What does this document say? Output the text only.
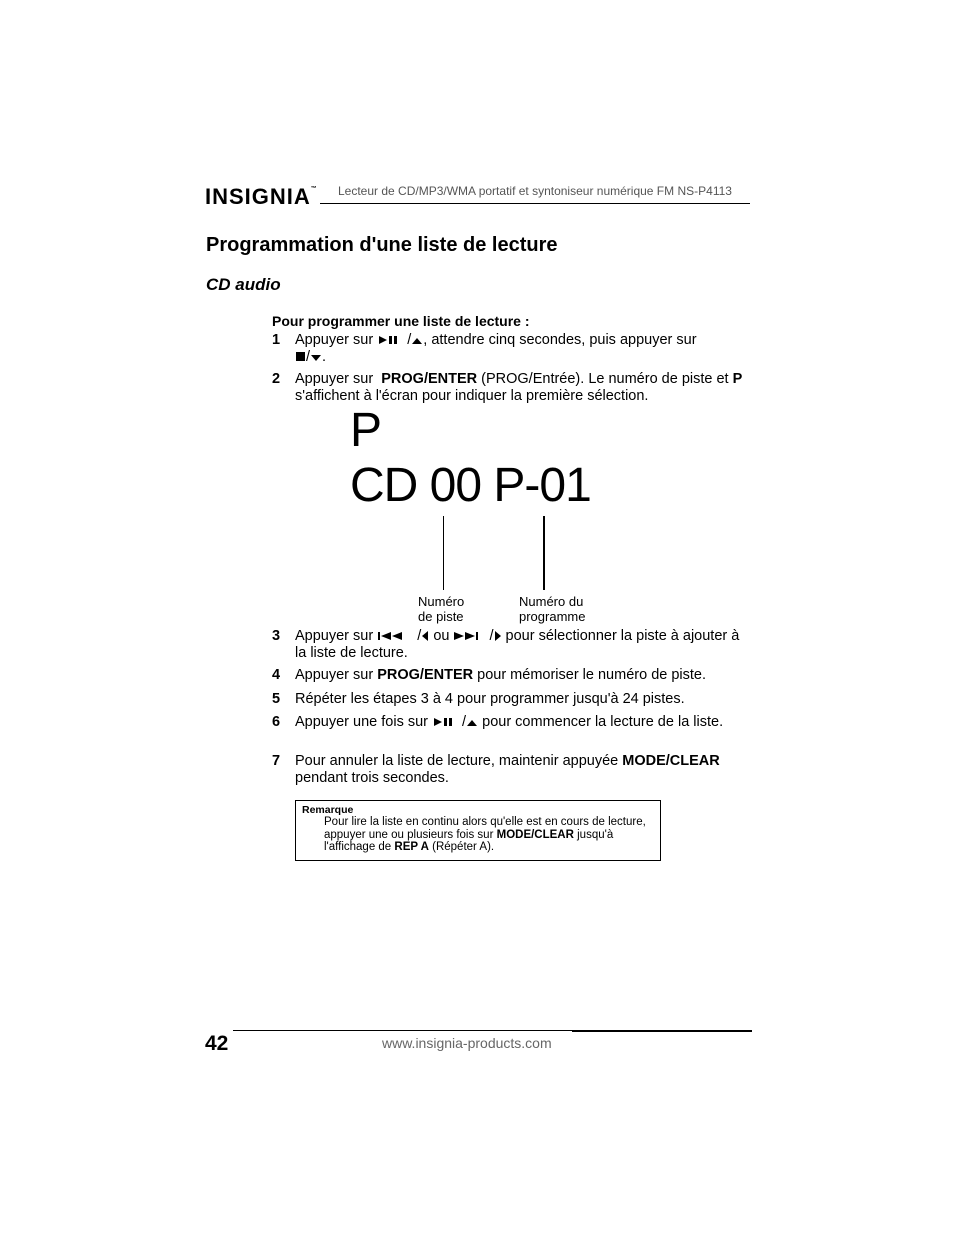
INSIGNIA™ Lecteur de CD/MP3/WMA portatif et syntoniseur numérique FM NS-P4113
Programmation d'une liste de lecture
CD audio
Pour programmer une liste de lecture :
1 Appuyer sur  / , attendre cinq secondes, puis appuyer sur
/ .
2 Appuyer sur PROG/ENTER (PROG/Entrée). Le numéro de piste et P s'affichent à l'écran pour indiquer la première sélection.
P
CD 00 P-01
Numéro
de piste
Numéro du
programme
3 Appuyer sur	/ ou	/ pour sélectionner la piste à ajouter à la liste de lecture.
4 Appuyer sur PROG/ENTER pour mémoriser le numéro de piste.
5 Répéter les étapes 3 à 4 pour programmer jusqu'à 24 pistes.
6 Appuyer une fois sur  / pour commencer la lecture de la liste.
7 Pour annuler la liste de lecture, maintenir appuyée MODE/CLEAR pendant trois secondes.
Remarque
Pour lire la liste en continu alors qu'elle est en cours de lecture, appuyer une ou plusieurs fois sur MODE/CLEAR jusqu'à l'affichage de REP A (Répéter A).
42	www.insignia-products.com
